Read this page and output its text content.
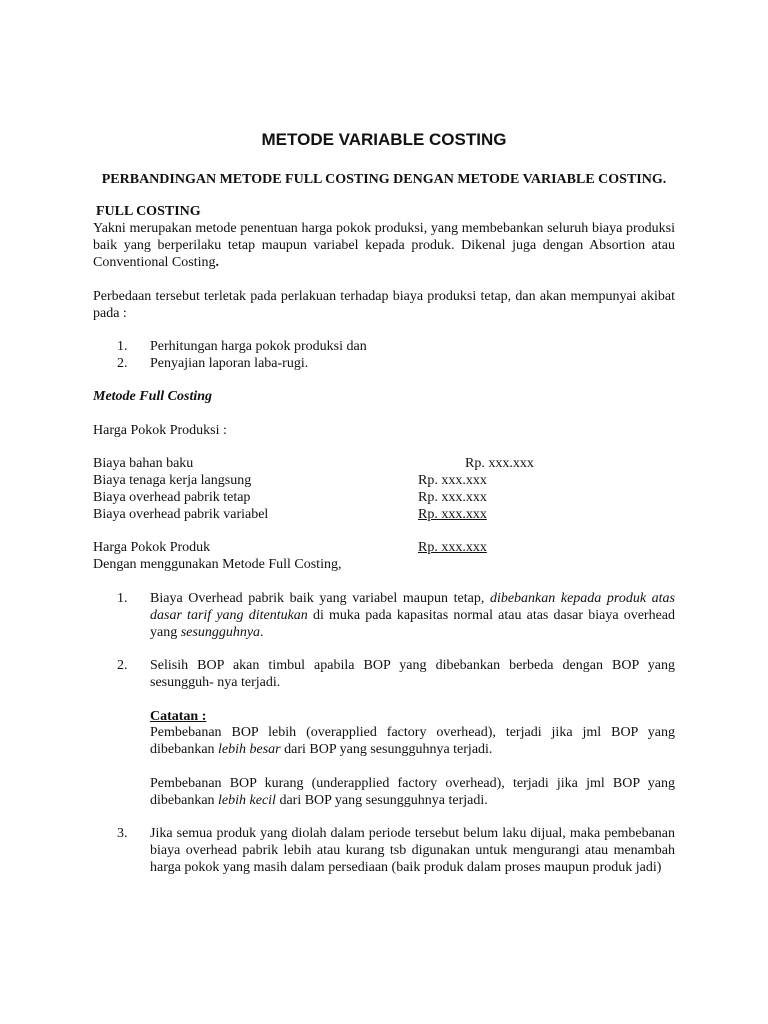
METODE VARIABLE COSTING
PERBANDINGAN METODE FULL COSTING DENGAN METODE VARIABLE COSTING.
FULL COSTING
Yakni merupakan metode penentuan harga pokok produksi, yang membebankan seluruh biaya produksi baik yang berperilaku tetap maupun variabel kepada produk. Dikenal juga dengan Absortion atau Conventional Costing.
Perbedaan tersebut terletak pada perlakuan terhadap biaya produksi tetap, dan akan mempunyai akibat pada :
1. Perhitungan harga pokok produksi dan
2. Penyajian laporan laba-rugi.
Metode Full Costing
Harga Pokok Produksi :
Biaya bahan baku	Rp. xxx.xxx
Biaya tenaga kerja langsung	Rp. xxx.xxx
Biaya overhead pabrik tetap	Rp. xxx.xxx
Biaya overhead pabrik variabel	Rp. xxx.xxx
Harga Pokok Produk	Rp. xxx.xxx
Dengan menggunakan Metode Full Costing,
1. Biaya Overhead pabrik baik yang variabel maupun tetap, dibebankan kepada produk atas dasar tarif yang ditentukan di muka pada kapasitas normal atau atas dasar biaya overhead yang sesungguhnya.
2. Selisih BOP akan timbul apabila BOP yang dibebankan berbeda dengan BOP yang sesungguh- nya terjadi.
Catatan :
Pembebanan BOP lebih (overapplied factory overhead), terjadi jika jml BOP yang dibebankan lebih besar dari BOP yang sesungguhnya terjadi.
Pembebanan BOP kurang (underapplied factory overhead), terjadi jika jml BOP yang dibebankan lebih kecil dari BOP yang sesungguhnya terjadi.
3. Jika semua produk yang diolah dalam periode tersebut belum laku dijual, maka pembebanan biaya overhead pabrik lebih atau kurang tsb digunakan untuk mengurangi atau menambah harga pokok yang masih dalam persediaan (baik produk dalam proses maupun produk jadi)
